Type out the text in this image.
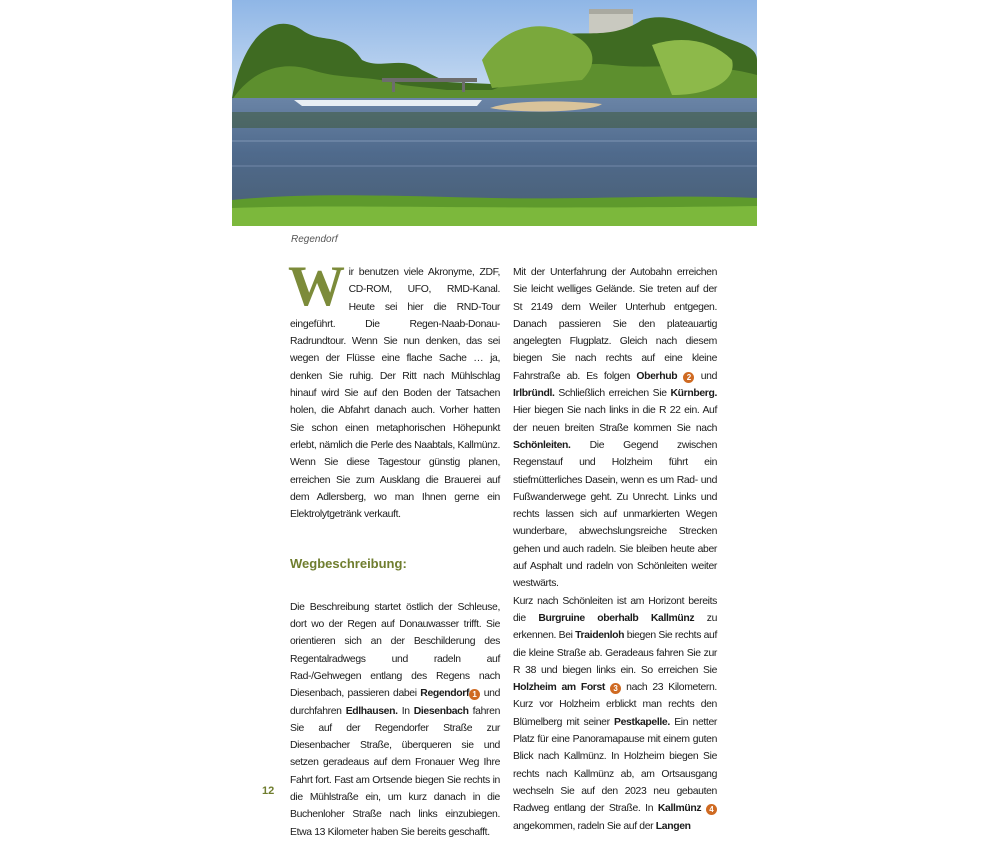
Regendorf

Wir benutzen viele Akronyme, ZDF, CD-ROM, UFO, RMD-Kanal. Heute sei hier die RND-Tour eingeführt. Die Regen-Naab-Donau-Radrundtour. Wenn Sie nun denken, das sei wegen der Flüsse eine flache Sache … ja, denken Sie ruhig. Der Ritt nach Mühlschlag hinauf wird Sie auf den Boden der Tatsachen holen, die Abfahrt danach auch. Vorher hatten Sie schon einen metaphorischen Höhepunkt erlebt, nämlich die Perle des Naabtals, Kallmünz. Wenn Sie diese Tagestour günstig planen, erreichen Sie zum Ausklang die Brauerei auf dem Adlersberg, wo man Ihnen gerne ein Elektrolytgetränk verkauft.

Wegbeschreibung:

Die Beschreibung startet östlich der Schleuse, dort wo der Regen auf Donauwasser trifft. Sie orientieren sich an der Beschilderung des Regentalradwegs und radeln auf Rad-/Gehwegen entlang des Regens nach Diesenbach, passieren dabei Regendorf 1 und durchfahren Edlhausen. In Diesenbach fahren Sie auf der Regendorfer Straße zur Diesenbacher Straße, überqueren sie und setzen geradeaus auf dem Fronauer Weg Ihre Fahrt fort. Fast am Ortsende biegen Sie rechts in die Mühlstraße ein, um kurz danach in die Buchenloher Straße nach links einzubiegen. Etwa 13 Kilometer haben Sie bereits geschafft.

Mit der Unterfahrung der Autobahn erreichen Sie leicht welliges Gelände. Sie treten auf der St 2149 dem Weiler Unterhub entgegen. Danach passieren Sie den plateauartig angelegten Flugplatz. Gleich nach diesem biegen Sie nach rechts auf eine kleine Fahrstraße ab. Es folgen Oberhub 2 und Irlbründl. Schließlich erreichen Sie Kürnberg. Hier biegen Sie nach links in die R 22 ein. Auf der neuen breiten Straße kommen Sie nach Schönleiten. Die Gegend zwischen Regenstauf und Holzheim führt ein stiefmütterliches Dasein, wenn es um Rad- und Fußwanderwege geht. Zu Unrecht. Links und rechts lassen sich auf unmarkierten Wegen wunderbare, abwechslungsreiche Strecken gehen und auch radeln. Sie bleiben heute aber auf Asphalt und radeln von Schönleiten weiter westwärts.

Kurz nach Schönleiten ist am Horizont bereits die Burgruine oberhalb Kallmünz zu erkennen. Bei Traidenloh biegen Sie rechts auf die kleine Straße ab. Geradeaus fahren Sie zur R 38 und biegen links ein. So erreichen Sie Holzheim am Forst 3 nach 23 Kilometern. Kurz vor Holzheim erblickt man rechts den Blümelberg mit seiner Pestkapelle. Ein netter Platz für eine Panoramapause mit einem guten Blick nach Kallmünz. In Holzheim biegen Sie rechts nach Kallmünz ab, am Ortsausgang wechseln Sie auf den 2023 neu gebauten Radweg entlang der Straße. In Kallmünz 4 angekommen, radeln Sie auf der Langen

12
